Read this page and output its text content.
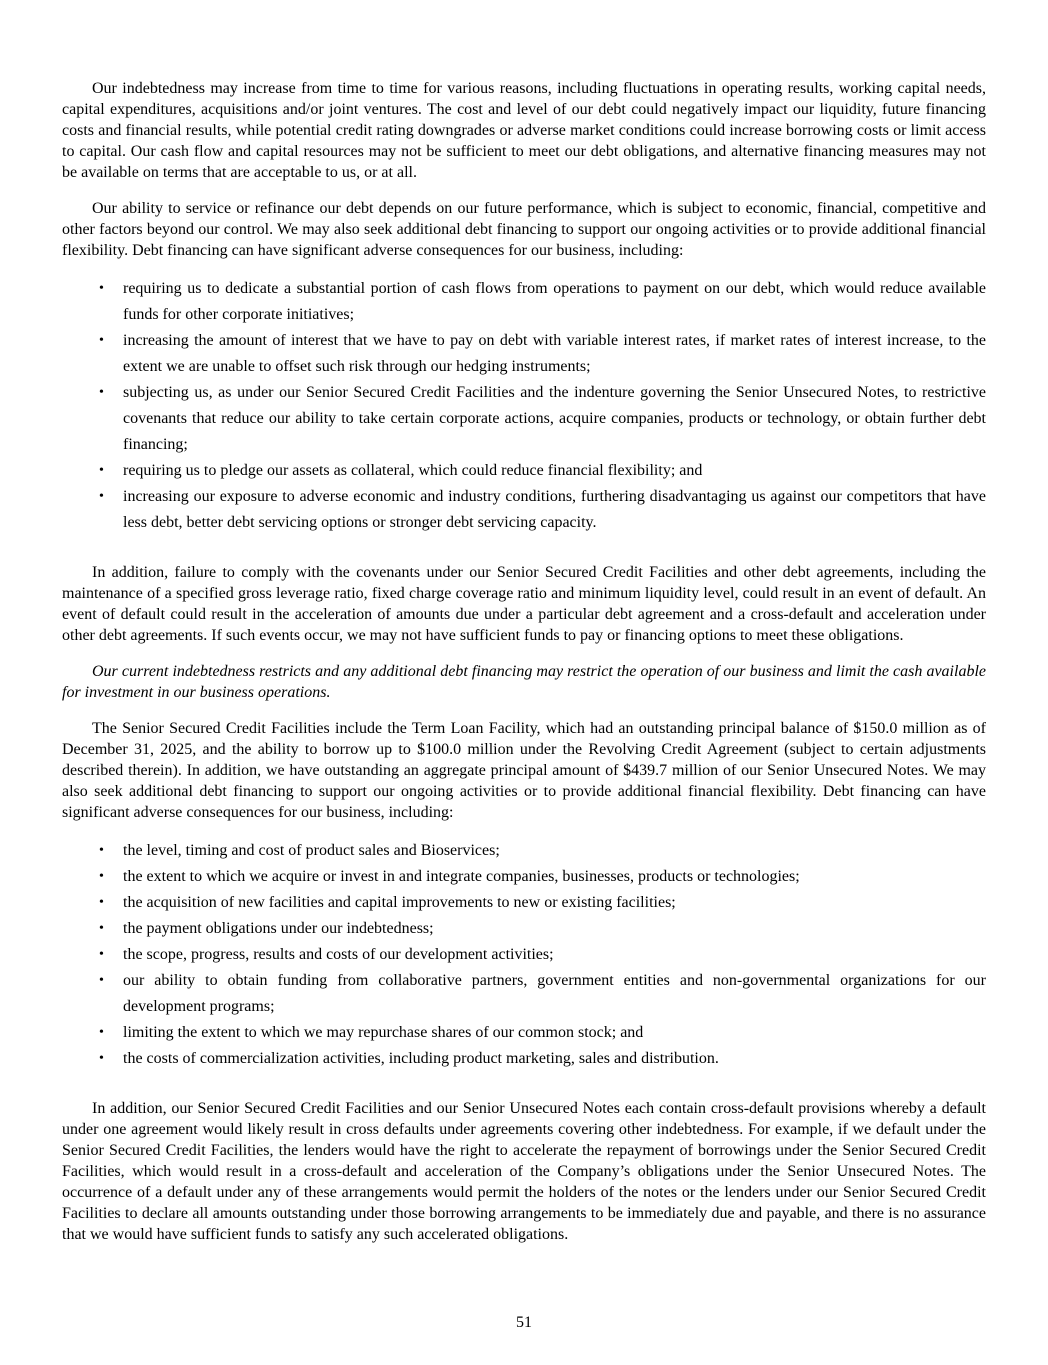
Our indebtedness may increase from time to time for various reasons, including fluctuations in operating results, working capital needs, capital expenditures, acquisitions and/or joint ventures. The cost and level of our debt could negatively impact our liquidity, future financing costs and financial results, while potential credit rating downgrades or adverse market conditions could increase borrowing costs or limit access to capital. Our cash flow and capital resources may not be sufficient to meet our debt obligations, and alternative financing measures may not be available on terms that are acceptable to us, or at all.

Our ability to service or refinance our debt depends on our future performance, which is subject to economic, financial, competitive and other factors beyond our control. We may also seek additional debt financing to support our ongoing activities or to provide additional financial flexibility. Debt financing can have significant adverse consequences for our business, including:

• requiring us to dedicate a substantial portion of cash flows from operations to payment on our debt, which would reduce available funds for other corporate initiatives;
• increasing the amount of interest that we have to pay on debt with variable interest rates, if market rates of interest increase, to the extent we are unable to offset such risk through our hedging instruments;
• subjecting us, as under our Senior Secured Credit Facilities and the indenture governing the Senior Unsecured Notes, to restrictive covenants that reduce our ability to take certain corporate actions, acquire companies, products or technology, or obtain further debt financing;
• requiring us to pledge our assets as collateral, which could reduce financial flexibility; and
• increasing our exposure to adverse economic and industry conditions, furthering disadvantaging us against our competitors that have less debt, better debt servicing options or stronger debt servicing capacity.

In addition, failure to comply with the covenants under our Senior Secured Credit Facilities and other debt agreements, including the maintenance of a specified gross leverage ratio, fixed charge coverage ratio and minimum liquidity level, could result in an event of default. An event of default could result in the acceleration of amounts due under a particular debt agreement and a cross-default and acceleration under other debt agreements. If such events occur, we may not have sufficient funds to pay or financing options to meet these obligations.

Our current indebtedness restricts and any additional debt financing may restrict the operation of our business and limit the cash available for investment in our business operations.

The Senior Secured Credit Facilities include the Term Loan Facility, which had an outstanding principal balance of $150.0 million as of December 31, 2025, and the ability to borrow up to $100.0 million under the Revolving Credit Agreement (subject to certain adjustments described therein). In addition, we have outstanding an aggregate principal amount of $439.7 million of our Senior Unsecured Notes. We may also seek additional debt financing to support our ongoing activities or to provide additional financial flexibility. Debt financing can have significant adverse consequences for our business, including:

• the level, timing and cost of product sales and Bioservices;
• the extent to which we acquire or invest in and integrate companies, businesses, products or technologies;
• the acquisition of new facilities and capital improvements to new or existing facilities;
• the payment obligations under our indebtedness;
• the scope, progress, results and costs of our development activities;
• our ability to obtain funding from collaborative partners, government entities and non-governmental organizations for our development programs;
• limiting the extent to which we may repurchase shares of our common stock; and
• the costs of commercialization activities, including product marketing, sales and distribution.

In addition, our Senior Secured Credit Facilities and our Senior Unsecured Notes each contain cross-default provisions whereby a default under one agreement would likely result in cross defaults under agreements covering other indebtedness. For example, if we default under the Senior Secured Credit Facilities, the lenders would have the right to accelerate the repayment of borrowings under the Senior Secured Credit Facilities, which would result in a cross-default and acceleration of the Company’s obligations under the Senior Unsecured Notes. The occurrence of a default under any of these arrangements would permit the holders of the notes or the lenders under our Senior Secured Credit Facilities to declare all amounts outstanding under those borrowing arrangements to be immediately due and payable, and there is no assurance that we would have sufficient funds to satisfy any such accelerated obligations.

51
